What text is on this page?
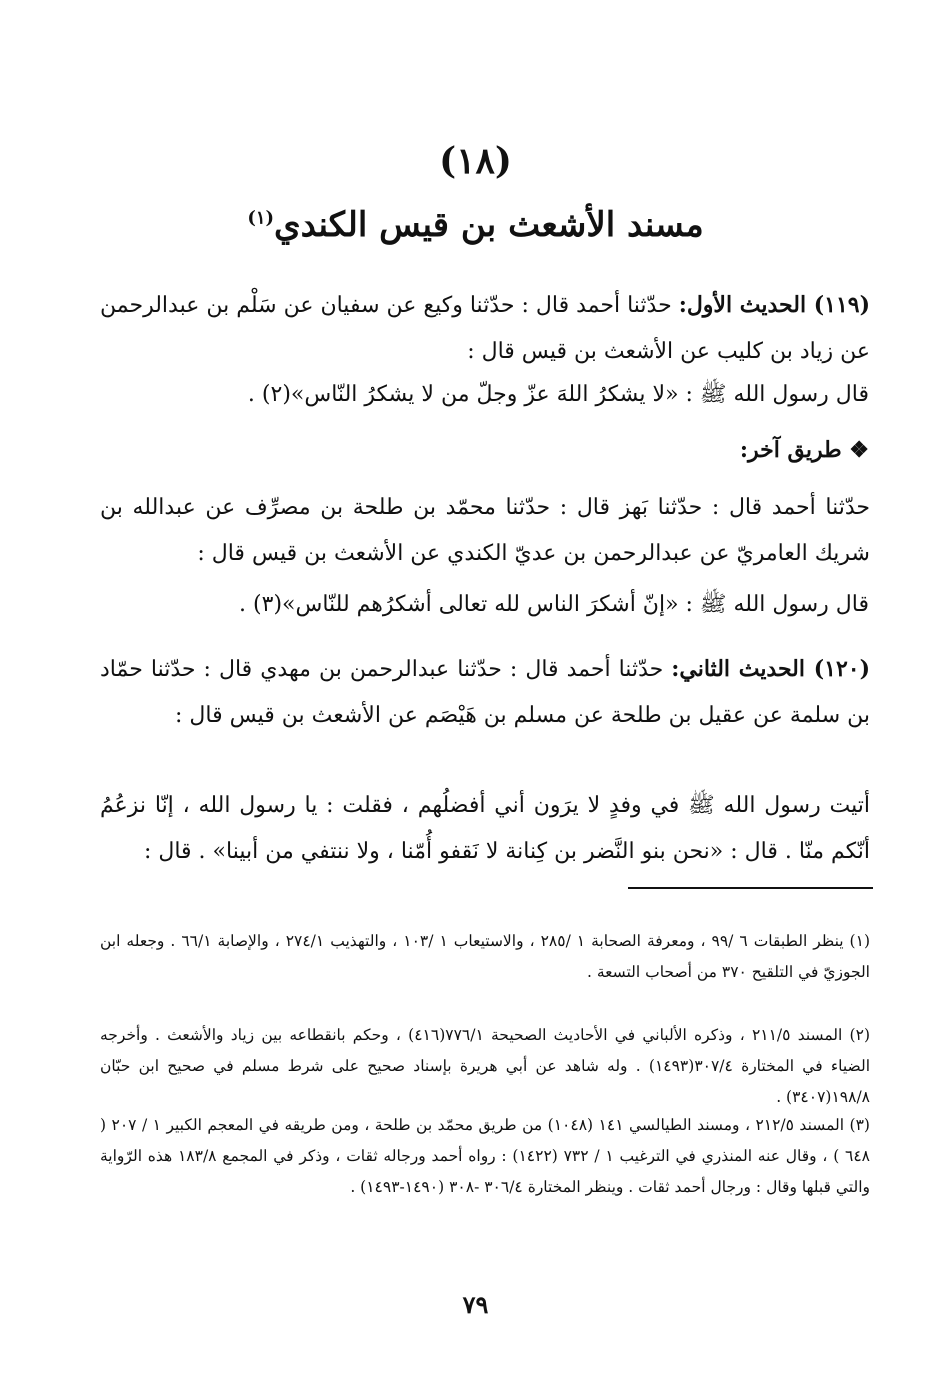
(١٨)
مسند الأشعث بن قيس الكندي$^{(١)}$
(١١٩) الحديث الأول: حدّثنا أحمد قال : حدّثنا وكيع عن سفيان عن سَلْم بن عبدالرحمن عن زياد بن كليب عن الأشعث بن قيس قال :
قال رسول الله ﷺ : «لا يشكرُ اللهَ عزّ وجلّ من لا يشكرُ النّاس»(٢) .
❖ طريق آخر:
حدّثنا أحمد قال : حدّثنا بَهز قال : حدّثنا محمّد بن طلحة بن مصرِّف عن عبدالله بن شريك العامريّ عن عبدالرحمن بن عديّ الكندي عن الأشعث بن قيس قال :
قال رسول الله ﷺ : «إنّ أشكرَ الناس لله تعالى أشكرُهم للنّاس»(٣) .
(١٢٠) الحديث الثاني: حدّثنا أحمد قال : حدّثنا عبدالرحمن بن مهدي قال : حدّثنا حمّاد بن سلمة عن عقيل بن طلحة عن مسلم بن هَيْصَم عن الأشعث بن قيس قال :
أتيت رسول الله ﷺ في وفدٍ لا يرَون أني أفضلُهم ، فقلت : يا رسول الله ، إنّا نزعُمُ أنّكم منّا . قال : «نحن بنو النَّضر بن كِنانة لا نَقفو أُمّنا ، ولا ننتفي من أبينا» . قال :
(١) ينظر الطبقات ٦ /٩٩ ، ومعرفة الصحابة ١ /٢٨٥ ، والاستيعاب ١ /١٠٣ ، والتهذيب ٢٧٤/١ ، والإصابة ٦٦/١ . وجعله ابن الجوزيّ في التلقيح ٣٧٠ من أصحاب التسعة .
(٢) المسند ٢١١/٥ ، وذكره الألباني في الأحاديث الصحيحة ٧٧٦/١(٤١٦) ، وحكم بانقطاعه بين زياد والأشعث . وأخرجه الضياء في المختارة ٣٠٧/٤(١٤٩٣) . وله شاهد عن أبي هريرة بإسناد صحيح على شرط مسلم في صحيح ابن حبّان ١٩٨/٨(٣٤٠٧) .
(٣) المسند ٢١٢/٥ ، ومسند الطيالسي ١٤١ (١٠٤٨) من طريق محمّد بن طلحة ، ومن طريقه في المعجم الكبير ١ / ٢٠٧ ( ٦٤٨ ) ، وقال عنه المنذري في الترغيب ١ / ٧٣٢ (١٤٢٢) : رواه أحمد ورجاله ثقات ، وذكر في المجمع ١٨٣/٨ هذه الرّواية والتي قبلها وقال : ورجال أحمد ثقات . وينظر المختارة ٣٠٦/٤ -٣٠٨ (١٤٩٠-١٤٩٣) .
٧٩
